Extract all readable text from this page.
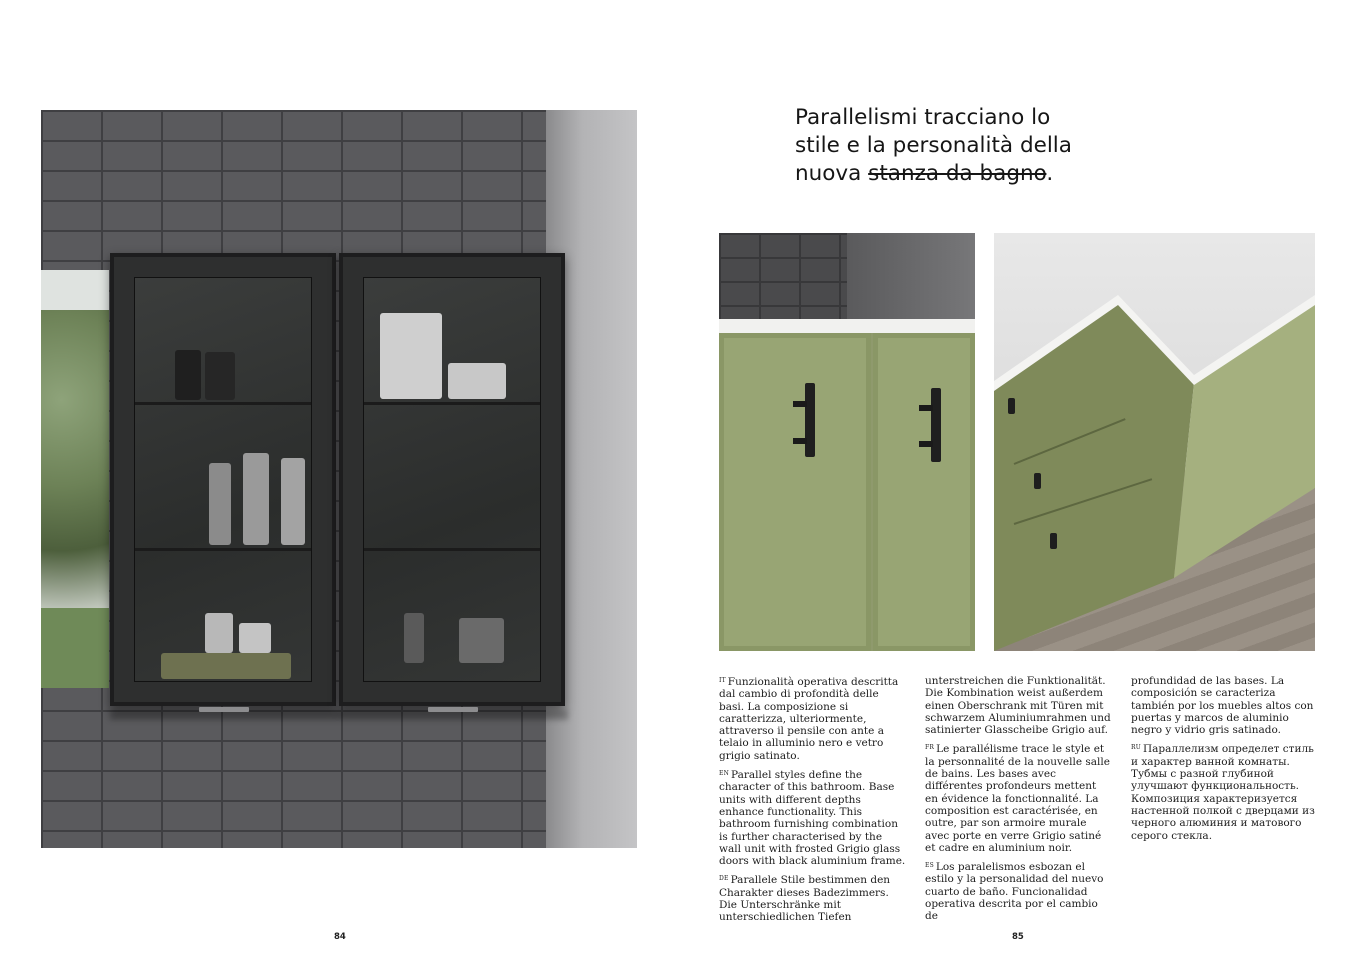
Parallelismi tracciano lo
stile e la personalità della
nuova stanza da bagno.

$^{IT}$ Funzionalità operativa descritta dal cambio di profondità delle basi. La composizione si caratterizza, ulteriormente, attraverso il pensile con ante a telaio in alluminio nero e vetro grigio satinato.

$^{EN}$ Parallel styles define the character of this bathroom. Base units with different depths enhance functionality. This bathroom furnishing combination is further characterised by the wall unit with frosted Grigio glass doors with black aluminium frame.

$^{DE}$ Parallele Stile bestimmen den Charakter dieses Badezimmers. Die Unterschränke mit unterschiedlichen Tiefen

unterstreichen die Funktionalität. Die Kombination weist außerdem einen Oberschrank mit Türen mit schwarzem Aluminiumrahmen und satinierter Glasscheibe Grigio auf.

$^{FR}$ Le parallélisme trace le style et la personnalité de la nouvelle salle de bains. Les bases avec différentes profondeurs mettent en évidence la fonctionnalité. La composition est caractérisée, en outre, par son armoire murale avec porte en verre Grigio satiné et cadre en aluminium noir.

$^{ES}$ Los paralelismos esbozan el estilo y la personalidad del nuevo cuarto de baño. Funcionalidad operativa descrita por el cambio de

profundidad de las bases. La composición se caracteriza también por los muebles altos con puertas y marcos de aluminio negro y vidrio gris satinado.

$^{RU}$ Параллелизм определет стиль и характер ванной комнаты. Тубмы с разной глубиной улучшают функциональность. Композиция характеризуется настенной полкой с дверцами из черного алюминия и матового серого стекла.

84	85
